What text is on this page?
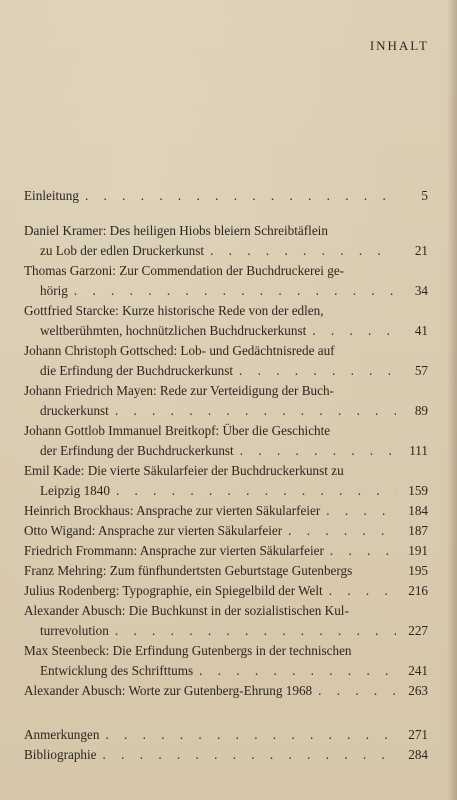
INHALT
Einleitung . . .	5
Daniel Kramer: Des heiligen Hiobs bleiern Schreibtäflein
zu Lob der edlen Druckerkunst . . .	21
Thomas Garzoni: Zur Commendation der Buchdruckerei ge-
hörig . . .	34
Gottfried Starcke: Kurze historische Rede von der edlen,
weltberühmten, hochnützlichen Buchdruckerkunst . . .	41
Johann Christoph Gottsched: Lob- und Gedächtnisrede auf
die Erfindung der Buchdruckerkunst . . .	57
Johann Friedrich Mayen: Rede zur Verteidigung der Buch-
druckerkunst . . .	89
Johann Gottlob Immanuel Breitkopf: Über die Geschichte
der Erfindung der Buchdruckerkunst . . .	111
Emil Kade: Die vierte Säkularfeier der Buchdruckerkunst zu
Leipzig 1840 . . .	159
Heinrich Brockhaus: Ansprache zur vierten Säkularfeier . . .	184
Otto Wigand: Ansprache zur vierten Säkularfeier . . .	187
Friedrich Frommann: Ansprache zur vierten Säkularfeier . . .	191
Franz Mehring: Zum fünfhundertsten Geburtstage Gutenbergs	195
Julius Rodenberg: Typographie, ein Spiegelbild der Welt . . .	216
Alexander Abusch: Die Buchkunst in der sozialistischen Kul-
turrevolution . . .	227
Max Steenbeck: Die Erfindung Gutenbergs in der technischen
Entwicklung des Schrifttums . . .	241
Alexander Abusch: Worte zur Gutenberg-Ehrung 1968 . . .	263
Anmerkungen . . .	271
Bibliographie . . .	284
